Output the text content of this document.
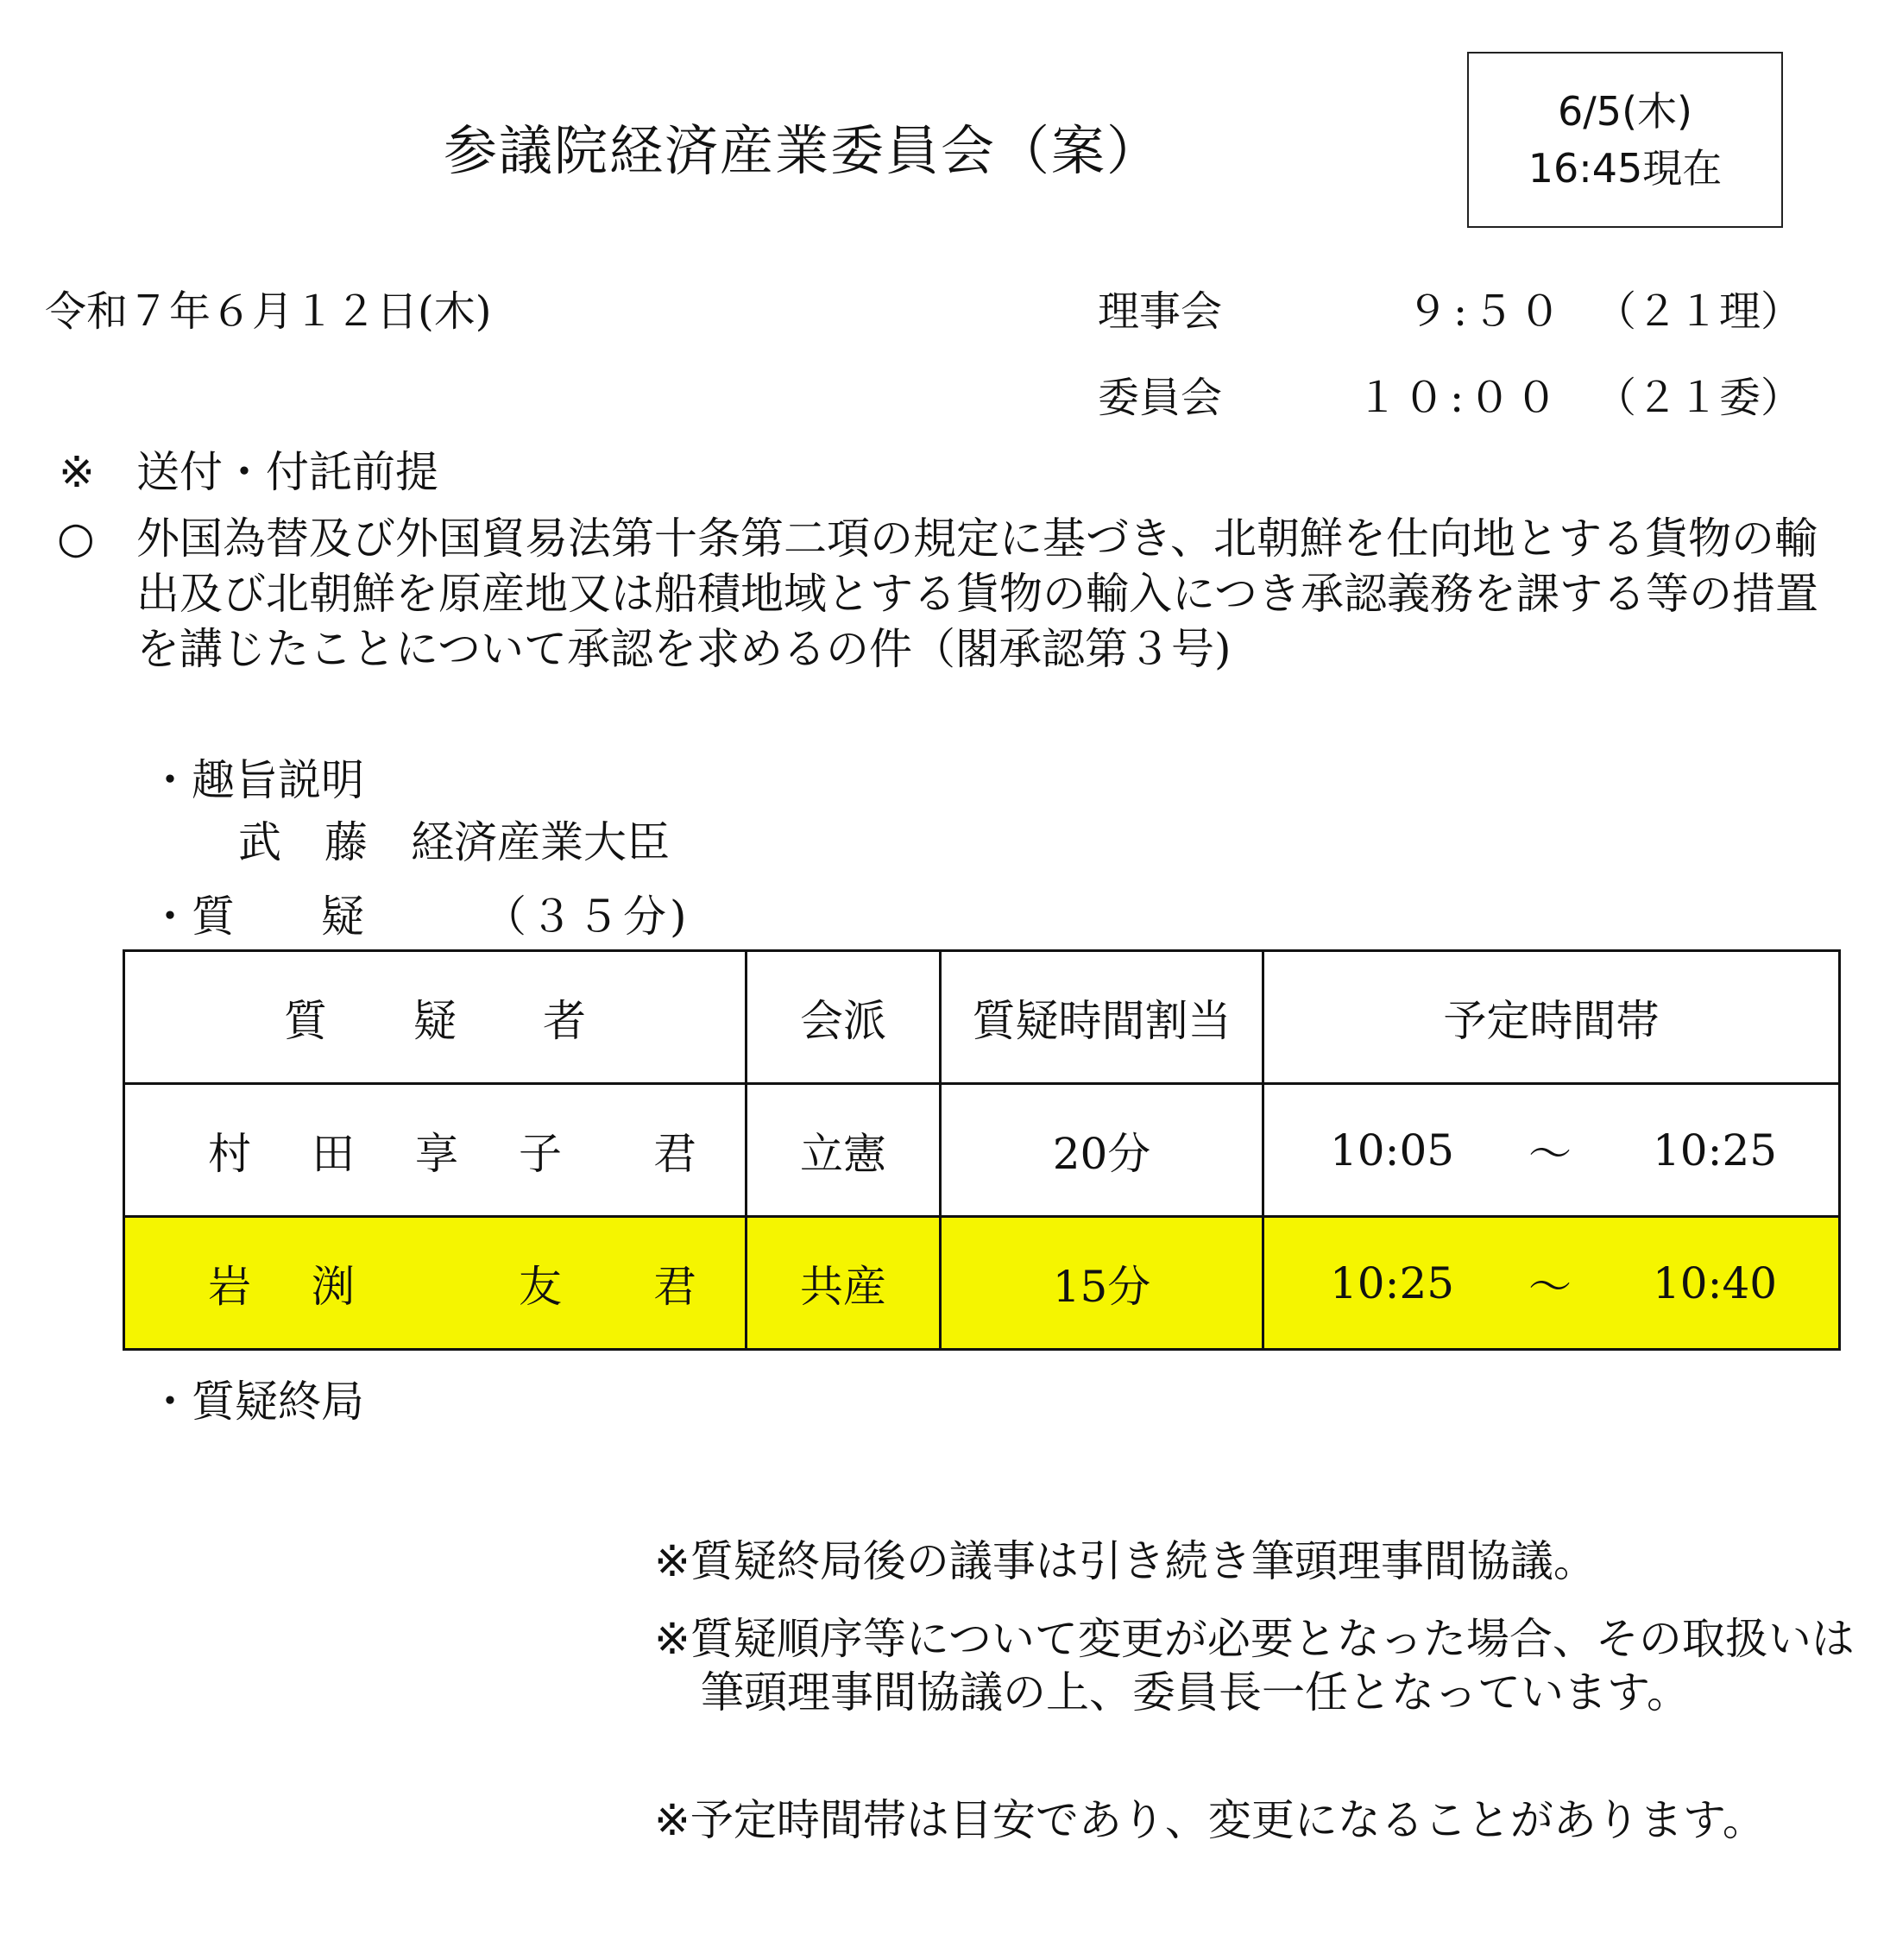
参議院経済産業委員会（案）
6/5(木)
16:45現在
令和７年６月１２日(木)	理事会	９:５０ （２１理）
委員会	１０:００ （２１委）
※ 送付・付託前提
○ 外国為替及び外国貿易法第十条第二項の規定に基づき、北朝鮮を仕向地とする貨物の輸出及び北朝鮮を原産地又は船積地域とする貨物の輸入につき承認義務を課する等の措置を講じたことについて承認を求めるの件（閣承認第３号)
・趣旨説明
武　藤　経済産業大臣
・質　　疑	（３５分)
質　　疑　　者	会派	質疑時間割当	予定時間帯

村 田 享 子 君	立憲	20分	10:05 ～ 10:25

岩 渕 友 君	共産	15分	10:25 ～ 10:40
・質疑終局
※質疑終局後の議事は引き続き筆頭理事間協議。
※質疑順序等について変更が必要となった場合、その取扱いは筆頭理事間協議の上、委員長一任となっています。
※予定時間帯は目安であり、変更になることがあります。
